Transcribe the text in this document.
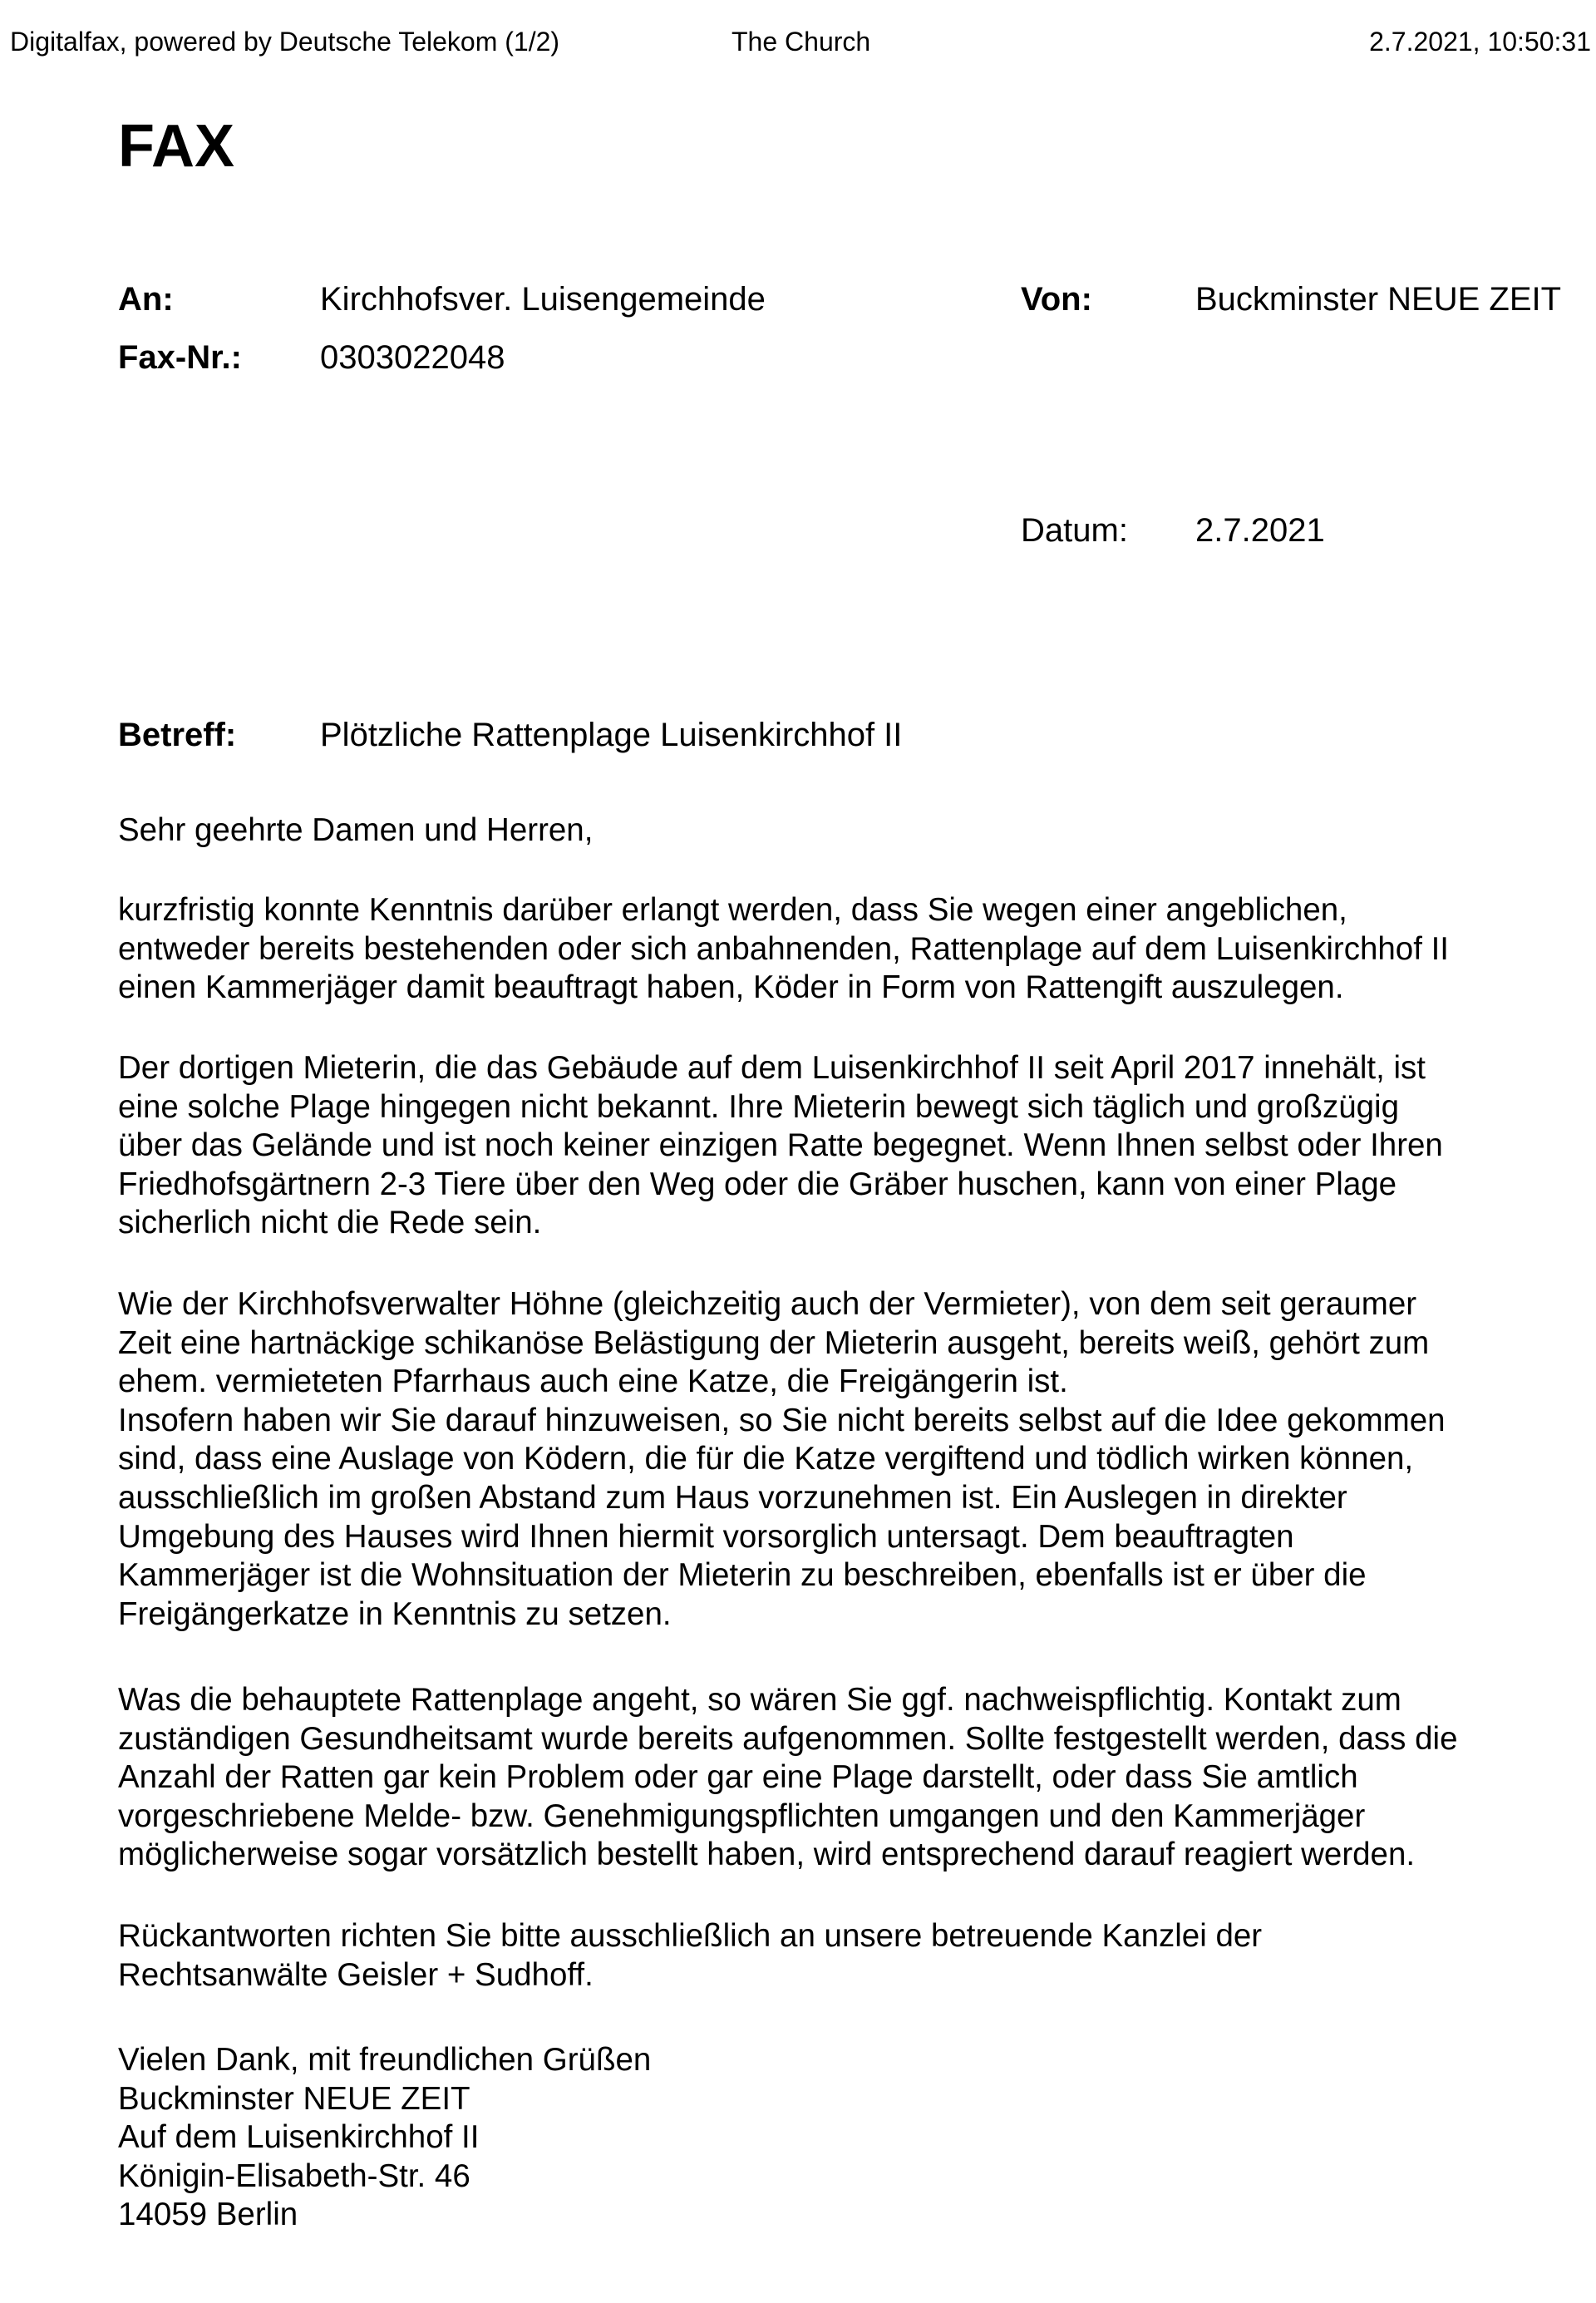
Digitalfax, powered by Deutsche Telekom (1/2)	The Church	2.7.2021, 10:50:31
FAX
An:	Kirchhofsver. Luisengemeinde	Von:	Buckminster NEUE ZEIT
Fax-Nr.: 0303022048
Datum: 2.7.2021
Betreff:	Plötzliche Rattenplage Luisenkirchhof II
Sehr geehrte Damen und Herren,
kurzfristig konnte Kenntnis darüber erlangt werden, dass Sie wegen einer angeblichen,
entweder bereits bestehenden oder sich anbahnenden, Rattenplage auf dem Luisenkirchhof II
einen Kammerjäger damit beauftragt haben, Köder in Form von Rattengift auszulegen.
Der dortigen Mieterin, die das Gebäude auf dem Luisenkirchhof II seit April 2017 innehält, ist
eine solche Plage hingegen nicht bekannt. Ihre Mieterin bewegt sich täglich und großzügig
über das Gelände und ist noch keiner einzigen Ratte begegnet. Wenn Ihnen selbst oder Ihren
Friedhofsgärtnern 2-3 Tiere über den Weg oder die Gräber huschen, kann von einer Plage
sicherlich nicht die Rede sein.
Wie der Kirchhofsverwalter Höhne (gleichzeitig auch der Vermieter), von dem seit geraumer
Zeit eine hartnäckige schikanöse Belästigung der Mieterin ausgeht, bereits weiß, gehört zum
ehem. vermieteten Pfarrhaus auch eine Katze, die Freigängerin ist.
Insofern haben wir Sie darauf hinzuweisen, so Sie nicht bereits selbst auf die Idee gekommen
sind, dass eine Auslage von Ködern, die für die Katze vergiftend und tödlich wirken können,
ausschließlich im großen Abstand zum Haus vorzunehmen ist. Ein Auslegen in direkter
Umgebung des Hauses wird Ihnen hiermit vorsorglich untersagt. Dem beauftragten
Kammerjäger ist die Wohnsituation der Mieterin zu beschreiben, ebenfalls ist er über die
Freigängerkatze in Kenntnis zu setzen.
Was die behauptete Rattenplage angeht, so wären Sie ggf. nachweispflichtig. Kontakt zum
zuständigen Gesundheitsamt wurde bereits aufgenommen. Sollte festgestellt werden, dass die
Anzahl der Ratten gar kein Problem oder gar eine Plage darstellt, oder dass Sie amtlich
vorgeschriebene Melde- bzw. Genehmigungspflichten umgangen und den Kammerjäger
möglicherweise sogar vorsätzlich bestellt haben, wird entsprechend darauf reagiert werden.
Rückantworten richten Sie bitte ausschließlich an unsere betreuende Kanzlei der
Rechtsanwälte Geisler + Sudhoff.
Vielen Dank, mit freundlichen Grüßen
Buckminster NEUE ZEIT
Auf dem Luisenkirchhof II
Königin-Elisabeth-Str. 46
14059 Berlin
